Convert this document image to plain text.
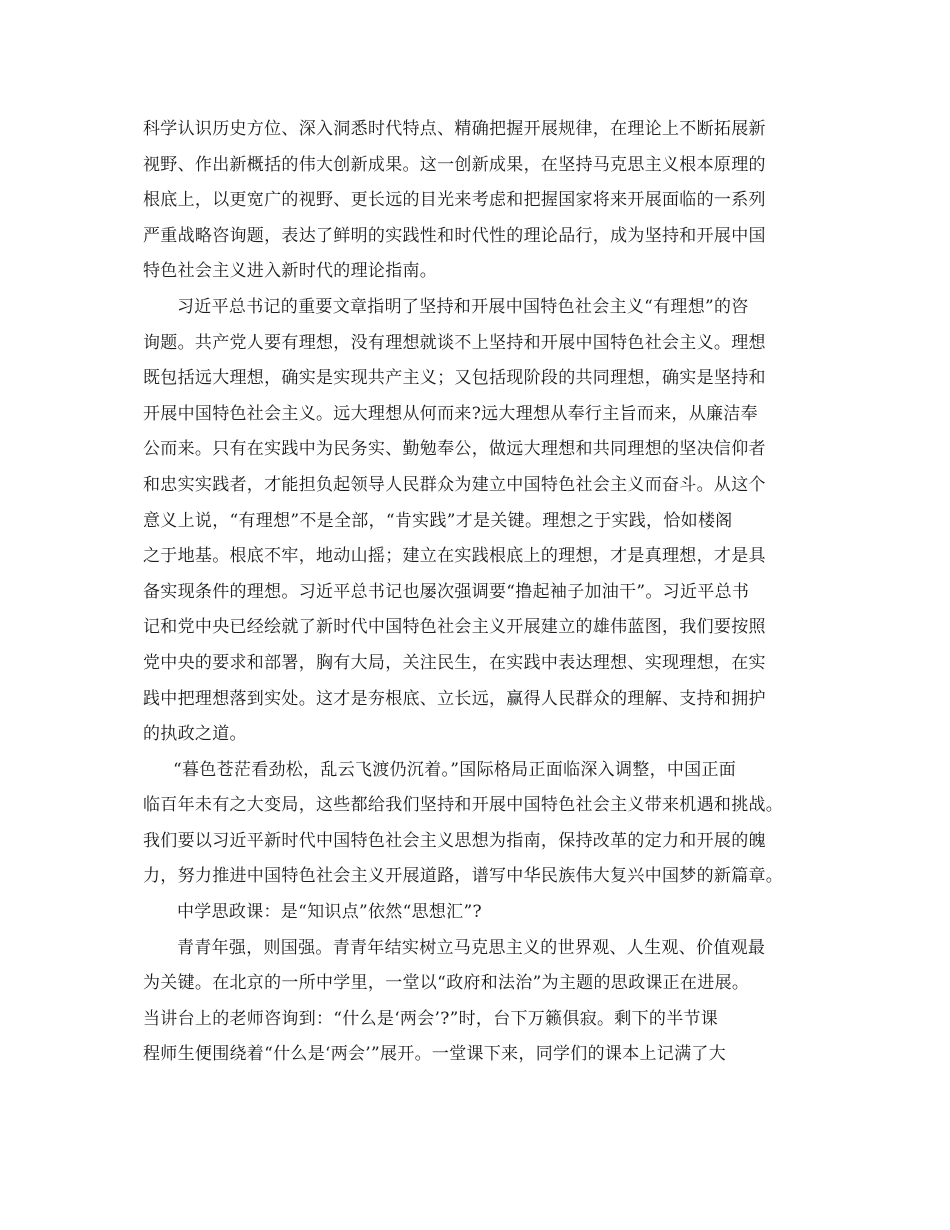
科学认识历史方位、深入洞悉时代特点、精确把握开展规律，在理论上不断拓展新
视野、作出新概括的伟大创新成果。这一创新成果，在坚持马克思主义根本原理的
根底上，以更宽广的视野、更长远的目光来考虑和把握国家将来开展面临的一系列
严重战略咨询题，表达了鲜明的实践性和时代性的理论品行，成为坚持和开展中国
特色社会主义进入新时代的理论指南。

习近平总书记的重要文章指明了坚持和开展中国特色社会主义“有理想”的咨
询题。共产党人要有理想，没有理想就谈不上坚持和开展中国特色社会主义。理想
既包括远大理想，确实是实现共产主义；又包括现阶段的共同理想，确实是坚持和
开展中国特色社会主义。远大理想从何而来?远大理想从奉行主旨而来，从廉洁奉
公而来。只有在实践中为民务实、勤勉奉公，做远大理想和共同理想的坚决信仰者
和忠实实践者，才能担负起领导人民群众为建立中国特色社会主义而奋斗。从这个
意义上说，“有理想”不是全部，“肯实践”才是关键。理想之于实践，恰如楼阁
之于地基。根底不牢，地动山摇；建立在实践根底上的理想，才是真理想，才是具
备实现条件的理想。习近平总书记也屡次强调要“撸起袖子加油干”。习近平总书
记和党中央已经绘就了新时代中国特色社会主义开展建立的雄伟蓝图，我们要按照
党中央的要求和部署，胸有大局，关注民生，在实践中表达理想、实现理想，在实
践中把理想落到实处。这才是夯根底、立长远，赢得人民群众的理解、支持和拥护
的执政之道。

“暮色苍茫看劲松，乱云飞渡仍沉着。”国际格局正面临深入调整，中国正面
临百年未有之大变局，这些都给我们坚持和开展中国特色社会主义带来机遇和挑战。
我们要以习近平新时代中国特色社会主义思想为指南，保持改革的定力和开展的魄
力，努力推进中国特色社会主义开展道路，谱写中华民族伟大复兴中国梦的新篇章。

中学思政课：是“知识点”依然“思想汇”?

青青年强，则国强。青青年结实树立马克思主义的世界观、人生观、价值观最
为关键。在北京的一所中学里，一堂以“政府和法治”为主题的思政课正在进展。
当讲台上的老师咨询到：“什么是‘两会’?”时，台下万籁俱寂。剩下的半节课
程师生便围绕着“什么是‘两会’”展开。一堂课下来，同学们的课本上记满了大
